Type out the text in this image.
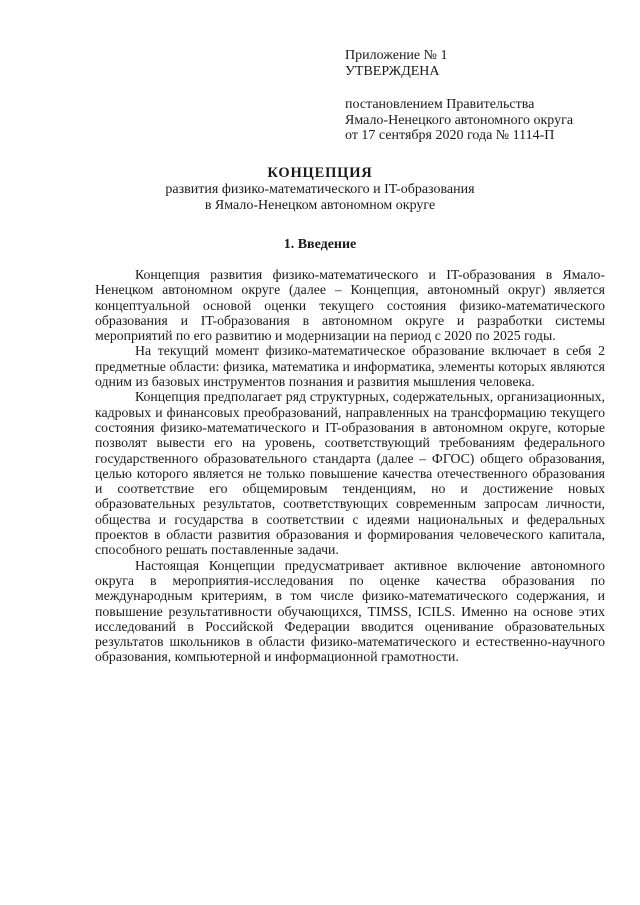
Приложение № 1
УТВЕРЖДЕНА
постановлением Правительства
Ямало-Ненецкого автономного округа
от 17 сентября 2020 года № 1114-П
КОНЦЕПЦИЯ
развития физико-математического и IT-образования
в Ямало-Ненецком автономном округе
1. Введение

Концепция развития физико-математического и IT-образования в Ямало-Ненецком автономном округе (далее – Концепция, автономный округ) является концептуальной основой оценки текущего состояния физико-математического образования и IT-образования в автономном округе и разработки системы мероприятий по его развитию и модернизации на период с 2020 по 2025 годы.

На текущий момент физико-математическое образование включает в себя 2 предметные области: физика, математика и информатика, элементы которых являются одним из базовых инструментов познания и развития мышления человека.

Концепция предполагает ряд структурных, содержательных, организационных, кадровых и финансовых преобразований, направленных на трансформацию текущего состояния физико-математического и IT-образования в автономном округе, которые позволят вывести его на уровень, соответствующий требованиям федерального государственного образовательного стандарта (далее – ФГОС) общего образования, целью которого является не только повышение качества отечественного образования и соответствие его общемировым тенденциям, но и достижение новых образовательных результатов, соответствующих современным запросам личности, общества и государства в соответствии с идеями национальных и федеральных проектов в области развития образования и формирования человеческого капитала, способного решать поставленные задачи.

Настоящая Концепции предусматривает активное включение автономного округа в мероприятия-исследования по оценке качества образования по международным критериям, в том числе физико-математического содержания, и повышение результативности обучающихся, TIMSS, ICILS. Именно на основе этих исследований в Российской Федерации вводится оценивание образовательных результатов школьников в области физико-математического и естественно-научного образования, компьютерной и информационной грамотности.
